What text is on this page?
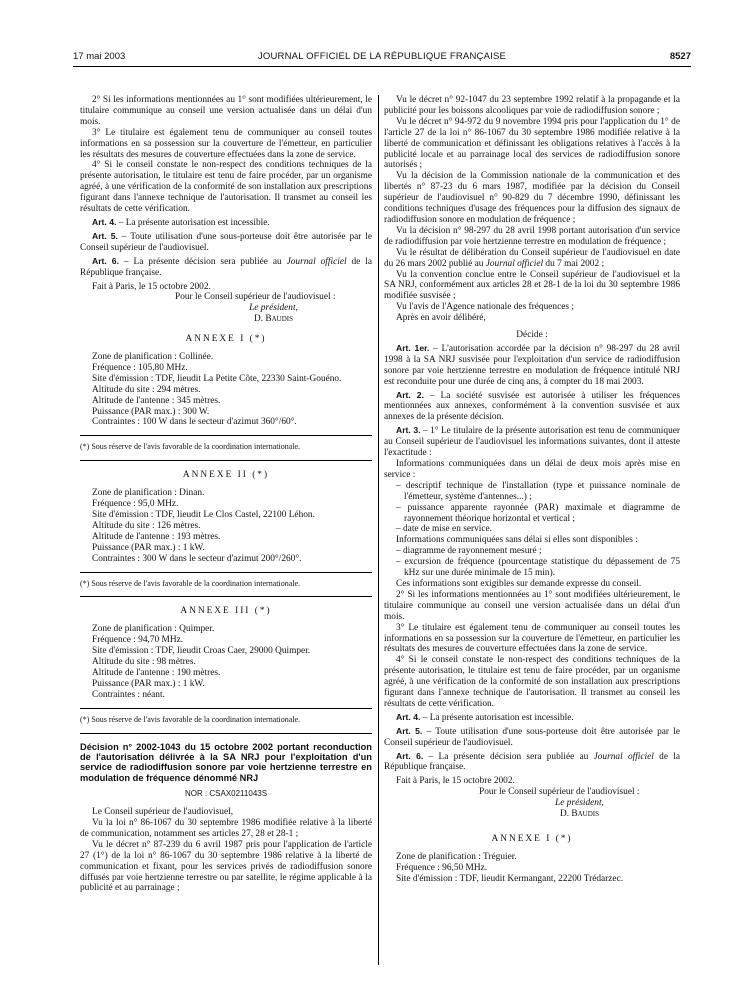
17 mai 2003	JOURNAL OFFICIEL DE LA RÉPUBLIQUE FRANÇAISE	8527

2° Si les informations mentionnées au 1° sont modifiées ultérieurement, le titulaire communique au conseil une version actualisée dans un délai d'un mois.

3° Le titulaire est également tenu de communiquer au conseil toutes informations en sa possession sur la couverture de l'émetteur, en particulier les résultats des mesures de couverture effectuées dans la zone de service.

4° Si le conseil constate le non-respect des conditions techniques de la présente autorisation, le titulaire est tenu de faire procéder, par un organisme agréé, à une vérification de la conformité de son installation aux prescriptions figurant dans l'annexe technique de l'autorisation. Il transmet au conseil les résultats de cette vérification.

Art. 4. – La présente autorisation est incessible.

Art. 5. – Toute utilisation d'une sous-porteuse doit être autorisée par le Conseil supérieur de l'audiovisuel.

Art. 6. – La présente décision sera publiée au Journal officiel de la République française.

Fait à Paris, le 15 octobre 2002.

Pour le Conseil supérieur de l'audiovisuel :

Le président,

D. Baudis

ANNEXE I (*)

Zone de planification : Collinée.

Fréquence : 105,80 MHz.

Site d'émission : TDF, lieudit La Petite Côte, 22330 Saint-Gouéno.

Altitude du site : 294 mètres.

Altitude de l'antenne : 345 mètres.

Puissance (PAR max.) : 300 W.

Contraintes : 100 W dans le secteur d'azimut 360°/60°.

(*) Sous réserve de l'avis favorable de la coordination internationale.

ANNEXE II (*)

Zone de planification : Dinan.

Fréquence : 95,0 MHz.

Site d'émission : TDF, lieudit Le Clos Castel, 22100 Léhon.

Altitude du site : 126 mètres.

Altitude de l'antenne : 193 mètres.

Puissance (PAR max.) : 1 kW.

Contraintes : 300 W dans le secteur d'azimut 200°/260°.

(*) Sous réserve de l'avis favorable de la coordination internationale.

ANNEXE III (*)

Zone de planification : Quimper.

Fréquence : 94,70 MHz.

Site d'émission : TDF, lieudit Croas Caer, 29000 Quimper.

Altitude du site : 98 mètres.

Altitude de l'antenne : 190 mètres.

Puissance (PAR max.) : 1 kW.

Contraintes : néant.

(*) Sous réserve de l'avis favorable de la coordination internationale.

Décision n° 2002-1043 du 15 octobre 2002 portant reconduction de l'autorisation délivrée à la SA NRJ pour l'exploitation d'un service de radiodiffusion sonore par voie hertzienne terrestre en modulation de fréquence dénommé NRJ

NOR : CSAX0211043S

Le Conseil supérieur de l'audiovisuel,

Vu la loi n° 86-1067 du 30 septembre 1986 modifiée relative à la liberté de communication, notamment ses articles 27, 28 et 28-1 ;

Vu le décret n° 87-239 du 6 avril 1987 pris pour l'application de l'article 27 (1°) de la loi n° 86-1067 du 30 septembre 1986 relative à la liberté de communication et fixant, pour les services privés de radiodiffusion sonore diffusés par voie hertzienne terrestre ou par satellite, le régime applicable à la publicité et au parrainage ;

Vu le décret n° 92-1047 du 23 septembre 1992 relatif à la propagande et la publicité pour les boissons alcooliques par voie de radiodiffusion sonore ;

Vu le décret n° 94-972 du 9 novembre 1994 pris pour l'application du 1° de l'article 27 de la loi n° 86-1067 du 30 septembre 1986 modifiée relative à la liberté de communication et définissant les obligations relatives à l'accès à la publicité locale et au parrainage local des services de radiodiffusion sonore autorisés ;

Vu la décision de la Commission nationale de la communication et des libertés n° 87-23 du 6 mars 1987, modifiée par la décision du Conseil supérieur de l'audiovisuel n° 90-829 du 7 décembre 1990, définissant les conditions techniques d'usage des fréquences pour la diffusion des signaux de radiodiffusion sonore en modulation de fréquence ;

Vu la décision n° 98-297 du 28 avril 1998 portant autorisation d'un service de radiodiffusion par voie hertzienne terrestre en modulation de fréquence ;

Vu le résultat de délibération du Conseil supérieur de l'audiovisuel en date du 26 mars 2002 publié au Journal officiel du 7 mai 2002 ;

Vu la convention conclue entre le Conseil supérieur de l'audiovisuel et la SA NRJ, conformément aux articles 28 et 28-1 de la loi du 30 septembre 1986 modifiée susvisée ;

Vu l'avis de l'Agence nationale des fréquences ;

Après en avoir délibéré,

Décide :

Art. 1er. – L'autorisation accordée par la décision n° 98-297 du 28 avril 1998 à la SA NRJ susvisée pour l'exploitation d'un service de radiodiffusion sonore par voie hertzienne terrestre en modulation de fréquence intitulé NRJ est reconduite pour une durée de cinq ans, à compter du 18 mai 2003.

Art. 2. – La société susvisée est autorisée à utiliser les fréquences mentionnées aux annexes, conformément à la convention susvisée et aux annexes de la présente décision.

Art. 3. – 1° Le titulaire de la présente autorisation est tenu de communiquer au Conseil supérieur de l'audiovisuel les informations suivantes, dont il atteste l'exactitude :

Informations communiquées dans un délai de deux mois après mise en service :

– descriptif technique de l'installation (type et puissance nominale de l'émetteur, système d'antennes...) ;

– puissance apparente rayonnée (PAR) maximale et diagramme de rayonnement théorique horizontal et vertical ;

– date de mise en service.

Informations communiquées sans délai si elles sont disponibles :

– diagramme de rayonnement mesuré ;

– excursion de fréquence (pourcentage statistique du dépassement de 75 kHz sur une durée minimale de 15 min).

Ces informations sont exigibles sur demande expresse du conseil.

2° Si les informations mentionnées au 1° sont modifiées ultérieurement, le titulaire communique au conseil une version actualisée dans un délai d'un mois.

3° Le titulaire est également tenu de communiquer au conseil toutes les informations en sa possession sur la couverture de l'émetteur, en particulier les résultats des mesures de couverture effectuées dans la zone de service.

4° Si le conseil constate le non-respect des conditions techniques de la présente autorisation, le titulaire est tenu de faire procéder, par un organisme agréé, à une vérification de la conformité de son installation aux prescriptions figurant dans l'annexe technique de l'autorisation. Il transmet au conseil les résultats de cette vérification.

Art. 4. – La présente autorisation est incessible.

Art. 5. – Toute utilisation d'une sous-porteuse doit être autorisée par le Conseil supérieur de l'audiovisuel.

Art. 6. – La présente décision sera publiée au Journal officiel de la République française.

Fait à Paris, le 15 octobre 2002.

Pour le Conseil supérieur de l'audiovisuel :

Le président,

D. Baudis

ANNEXE I (*)

Zone de planification : Tréguier.

Fréquence : 96,50 MHz.

Site d'émission : TDF, lieudit Kermangant, 22200 Trédarzec.
